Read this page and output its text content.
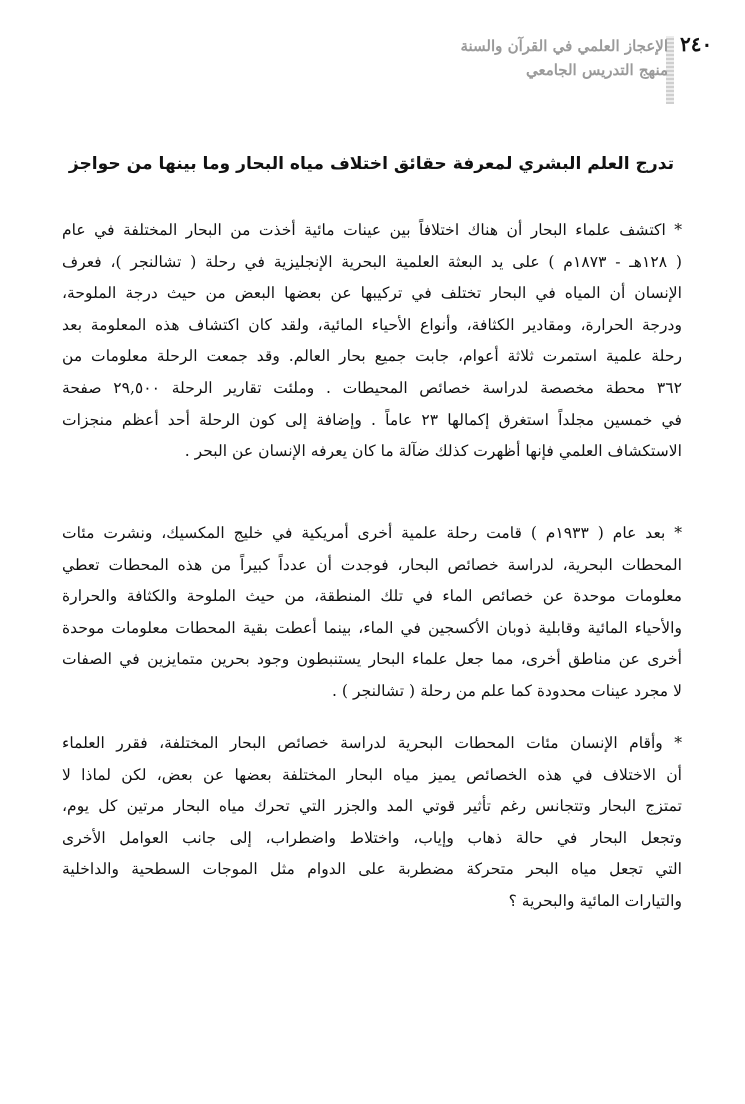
٢٤٠
الإعجاز العلمي في القرآن والسنة
منهج التدريس الجامعي
تدرج العلم البشري لمعرفة حقائق اختلاف مياه البحار وما بينها من حواجز
* اكتشف علماء البحار أن هناك اختلافاً بين عينات مائية أخذت من البحار المختلفة في عام
( ١٢٨هـ - ١٨٧٣م ) على يد البعثة العلمية البحرية الإنجليزية في رحلة ( تشالنجر )، فعرف
الإنسان أن المياه في البحار تختلف في تركيبها عن بعضها البعض من حيث درجة الملوحة،
ودرجة الحرارة، ومقادير الكثافة، وأنواع الأحياء المائية، ولقد كان اكتشاف هذه المعلومة بعد
رحلة علمية استمرت ثلاثة أعوام، جابت جميع بحار العالم. وقد جمعت الرحلة معلومات من
٣٦٢ محطة مخصصة لدراسة خصائص المحيطات . وملئت تقارير الرحلة ٢٩,٥٠٠ صفحة
في خمسين مجلداً استغرق إكمالها ٢٣ عاماً . وإضافة إلى كون الرحلة أحد أعظم منجزات
الاستكشاف العلمي فإنها أظهرت كذلك ضآلة ما كان يعرفه الإنسان عن البحر .
* بعد عام ( ١٩٣٣م ) قامت رحلة علمية أخرى أمريكية في خليج المكسيك، ونشرت مئات
المحطات البحرية، لدراسة خصائص البحار، فوجدت أن عدداً كبيراً من هذه المحطات تعطي
معلومات موحدة عن خصائص الماء في تلك المنطقة، من حيث الملوحة والكثافة والحرارة
والأحياء المائية وقابلية ذوبان الأكسجين في الماء، بينما أعطت بقية المحطات معلومات موحدة
أخرى عن مناطق أخرى، مما جعل علماء البحار يستنبطون وجود بحرين متمايزين في الصفات
لا مجرد عينات محدودة كما علم من رحلة ( تشالنجر ) .
* وأقام الإنسان مئات المحطات البحرية لدراسة خصائص البحار المختلفة، فقرر العلماء
أن الاختلاف في هذه الخصائص يميز مياه البحار المختلفة بعضها عن بعض، لكن لماذا لا
تمتزج البحار وتتجانس رغم تأثير قوتي المد والجزر التي تحرك مياه البحار مرتين كل يوم،
وتجعل البحار في حالة ذهاب وإياب، واختلاط واضطراب، إلى جانب العوامل الأخرى
التي تجعل مياه البحر متحركة مضطربة على الدوام مثل الموجات السطحية والداخلية
والتيارات المائية والبحرية ؟
